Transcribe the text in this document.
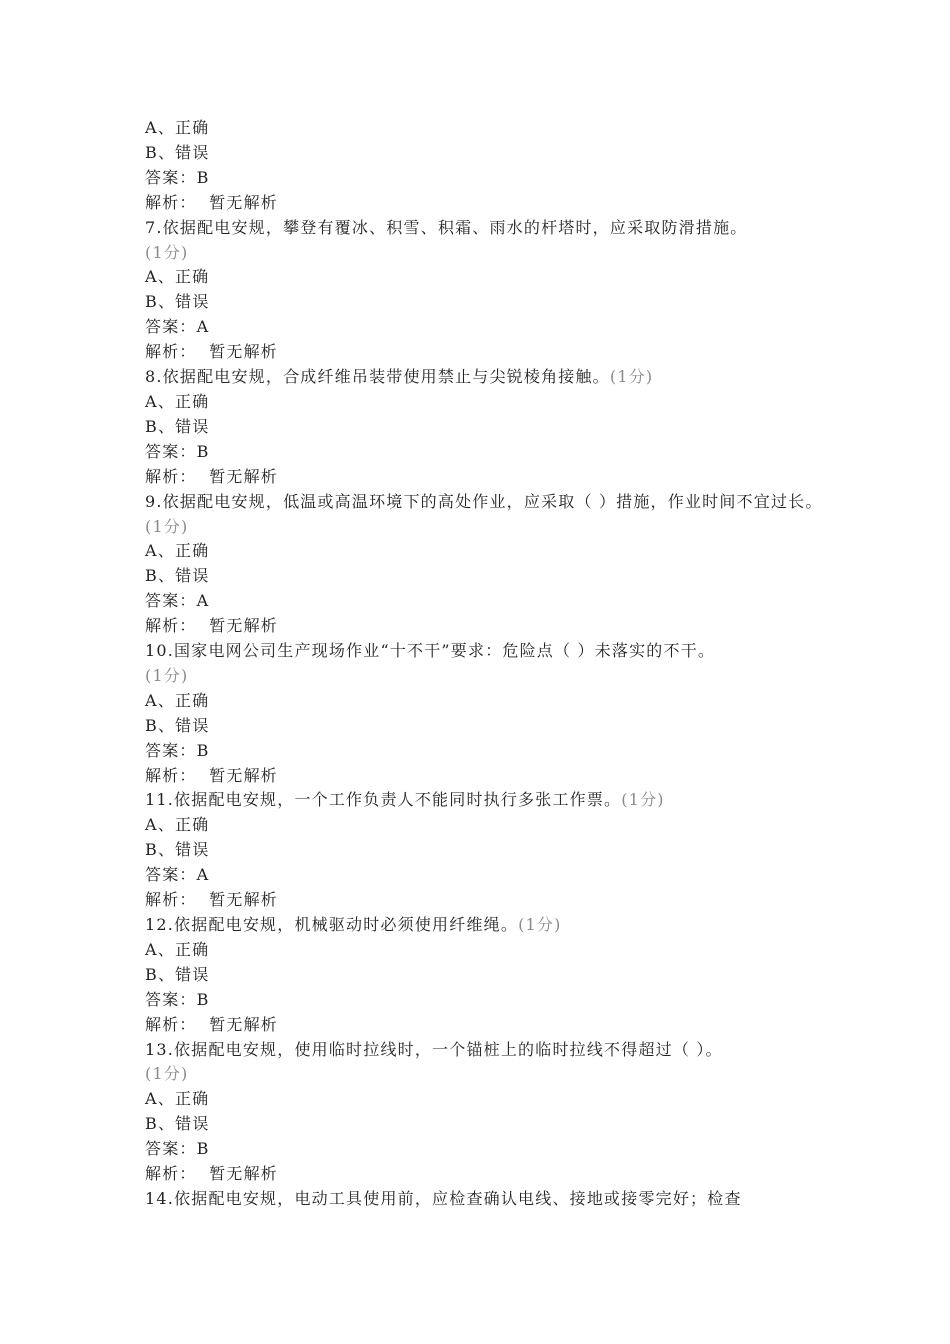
A、正确
B、错误
答案：B
解析： 暂无解析
7.依据配电安规，攀登有覆冰、积雪、积霜、雨水的杆塔时，应采取防滑措施。
(1分)
A、正确
B、错误
答案：A
解析： 暂无解析
8.依据配电安规，合成纤维吊装带使用禁止与尖锐棱角接触。(1分)
A、正确
B、错误
答案：B
解析： 暂无解析
9.依据配电安规，低温或高温环境下的高处作业，应采取（ ）措施，作业时间不宜过长。(1分)
A、正确
B、错误
答案：A
解析： 暂无解析
10.国家电网公司生产现场作业“十不干”要求：危险点（ ）未落实的不干。
(1分)
A、正确
B、错误
答案：B
解析： 暂无解析
11.依据配电安规，一个工作负责人不能同时执行多张工作票。(1分)
A、正确
B、错误
答案：A
解析： 暂无解析
12.依据配电安规，机械驱动时必须使用纤维绳。(1分)
A、正确
B、错误
答案：B
解析： 暂无解析
13.依据配电安规，使用临时拉线时，一个锚桩上的临时拉线不得超过（ ）。
(1分)
A、正确
B、错误
答案：B
解析： 暂无解析
14.依据配电安规，电动工具使用前，应检查确认电线、接地或接零完好；检查
